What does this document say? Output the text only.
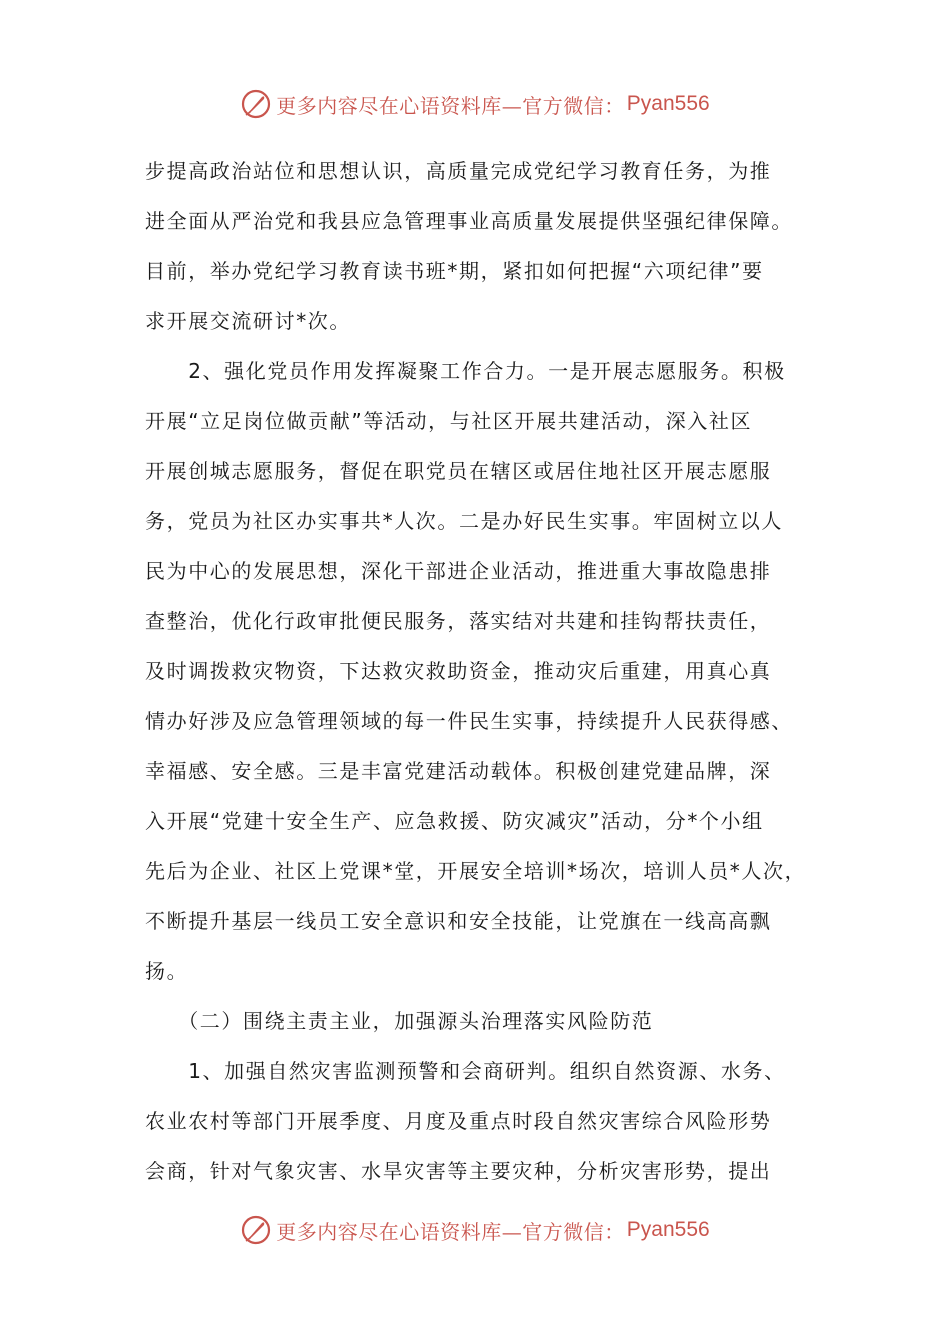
更多内容尽在心语资料库—官方微信： Pyan556
步提高政治站位和思想认识，高质量完成党纪学习教育任务，为推
进全面从严治党和我县应急管理事业高质量发展提供坚强纪律保障。
目前，举办党纪学习教育读书班*期，紧扣如何把握“六项纪律”要
求开展交流研讨*次。
　　2、强化党员作用发挥凝聚工作合力。一是开展志愿服务。积极
开展“立足岗位做贡献”等活动，与社区开展共建活动，深入社区
开展创城志愿服务，督促在职党员在辖区或居住地社区开展志愿服
务，党员为社区办实事共*人次。二是办好民生实事。牢固树立以人
民为中心的发展思想，深化干部进企业活动，推进重大事故隐患排
查整治，优化行政审批便民服务，落实结对共建和挂钩帮扶责任，
及时调拨救灾物资，下达救灾救助资金，推动灾后重建，用真心真
情办好涉及应急管理领域的每一件民生实事，持续提升人民获得感、
幸福感、安全感。三是丰富党建活动载体。积极创建党建品牌，深
入开展“党建十安全生产、应急救援、防灾减灾”活动，分*个小组
先后为企业、社区上党课*堂，开展安全培训*场次，培训人员*人次，
不断提升基层一线员工安全意识和安全技能，让党旗在一线高高飘
扬。
　　（二）围绕主责主业，加强源头治理落实风险防范
　　1、加强自然灾害监测预警和会商研判。组织自然资源、水务、
农业农村等部门开展季度、月度及重点时段自然灾害综合风险形势
会商，针对气象灾害、水旱灾害等主要灾种，分析灾害形势，提出
更多内容尽在心语资料库—官方微信： Pyan556
